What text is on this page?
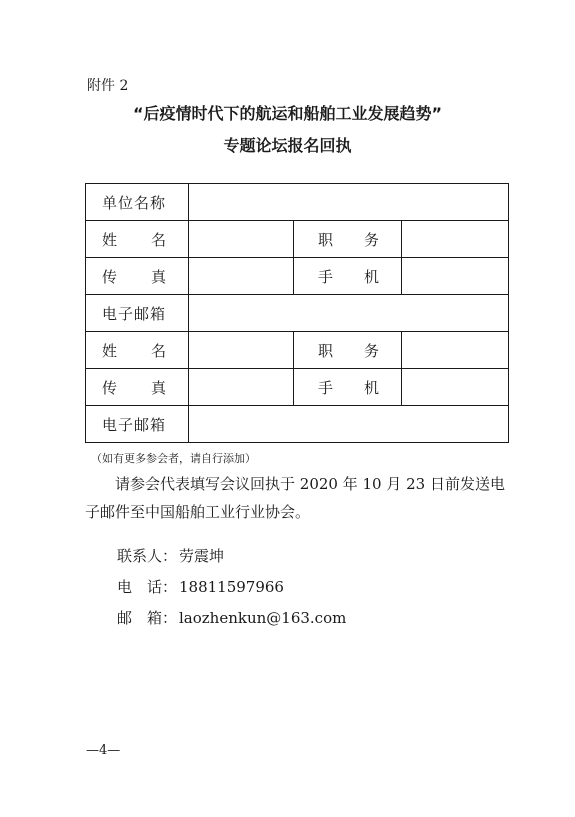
附件 2
“后疫情时代下的航运和船舶工业发展趋势”
专题论坛报名回执
单位名称			

姓 名		职 务	

传 真		手 机	

电子邮箱			

姓 名		职 务	

传 真		手 机	

电子邮箱			
（如有更多参会者，请自行添加）
请参会代表填写会议回执于 2020 年 10 月 23 日前发送电子邮件至中国船舶工业行业协会。
联系人： 劳震坤
电　话： 18811597966
邮　箱： laozhenkun@163.com
—4—
